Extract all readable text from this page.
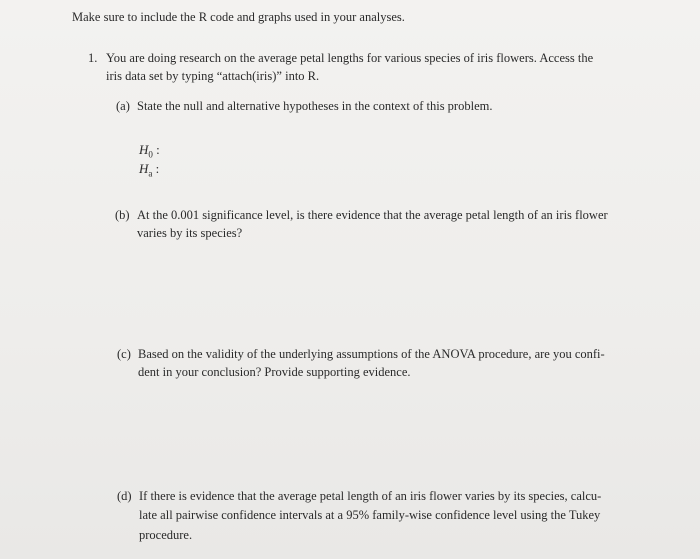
Make sure to include the R code and graphs used in your analyses.
1. You are doing research on the average petal lengths for various species of iris flowers. Access the
iris data set by typing “attach(iris)” into R.
(a) State the null and alternative hypotheses in the context of this problem.
$H_0$ :
$H_a$ :
(b) At the 0.001 significance level, is there evidence that the average petal length of an iris flower
varies by its species?
(c) Based on the validity of the underlying assumptions of the ANOVA procedure, are you confi-
dent in your conclusion? Provide supporting evidence.
(d) If there is evidence that the average petal length of an iris flower varies by its species, calcu-
late all pairwise confidence intervals at a 95% family-wise confidence level using the Tukey
procedure.
